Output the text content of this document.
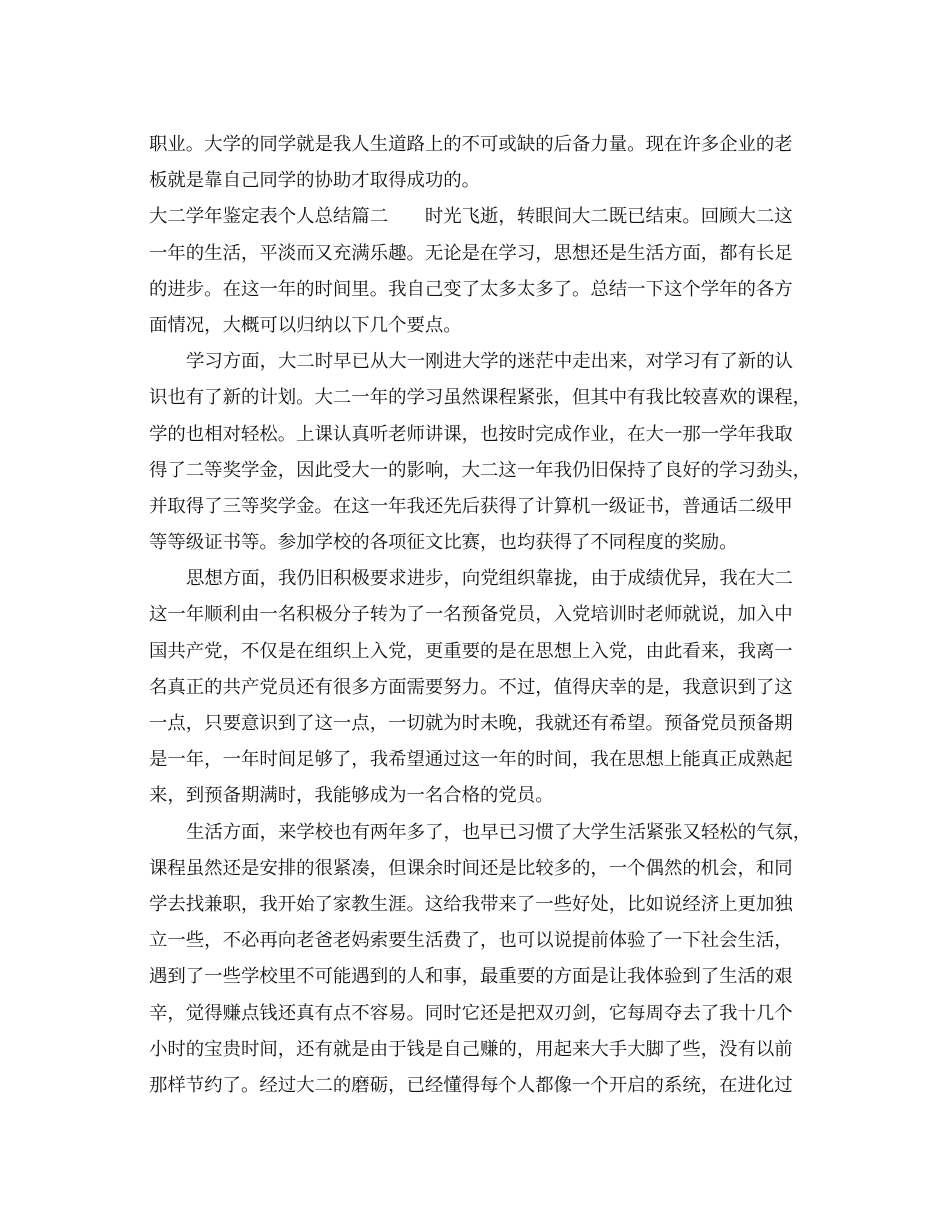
职业。大学的同学就是我人生道路上的不可或缺的后备力量。现在许多企业的老
板就是靠自己同学的协助才取得成功的。
大二学年鉴定表个人总结篇二　　时光飞逝，转眼间大二既已结束。回顾大二这
一年的生活，平淡而又充满乐趣。无论是在学习，思想还是生活方面，都有长足
的进步。在这一年的时间里。我自己变了太多太多了。总结一下这个学年的各方
面情况，大概可以归纳以下几个要点。
学习方面，大二时早已从大一刚进大学的迷茫中走出来，对学习有了新的认
识也有了新的计划。大二一年的学习虽然课程紧张，但其中有我比较喜欢的课程，
学的也相对轻松。上课认真听老师讲课，也按时完成作业，在大一那一学年我取
得了二等奖学金，因此受大一的影响，大二这一年我仍旧保持了良好的学习劲头，
并取得了三等奖学金。在这一年我还先后获得了计算机一级证书，普通话二级甲
等等级证书等。参加学校的各项征文比赛，也均获得了不同程度的奖励。
思想方面，我仍旧积极要求进步，向党组织靠拢，由于成绩优异，我在大二
这一年顺利由一名积极分子转为了一名预备党员，入党培训时老师就说，加入中
国共产党，不仅是在组织上入党，更重要的是在思想上入党，由此看来，我离一
名真正的共产党员还有很多方面需要努力。不过，值得庆幸的是，我意识到了这
一点，只要意识到了这一点，一切就为时未晚，我就还有希望。预备党员预备期
是一年，一年时间足够了，我希望通过这一年的时间，我在思想上能真正成熟起
来，到预备期满时，我能够成为一名合格的党员。
生活方面，来学校也有两年多了，也早已习惯了大学生活紧张又轻松的气氛，
课程虽然还是安排的很紧凑，但课余时间还是比较多的，一个偶然的机会，和同
学去找兼职，我开始了家教生涯。这给我带来了一些好处，比如说经济上更加独
立一些，不必再向老爸老妈索要生活费了，也可以说提前体验了一下社会生活，
遇到了一些学校里不可能遇到的人和事，最重要的方面是让我体验到了生活的艰
辛，觉得赚点钱还真有点不容易。同时它还是把双刃剑，它每周夺去了我十几个
小时的宝贵时间，还有就是由于钱是自己赚的，用起来大手大脚了些，没有以前
那样节约了。经过大二的磨砺，已经懂得每个人都像一个开启的系统，在进化过
